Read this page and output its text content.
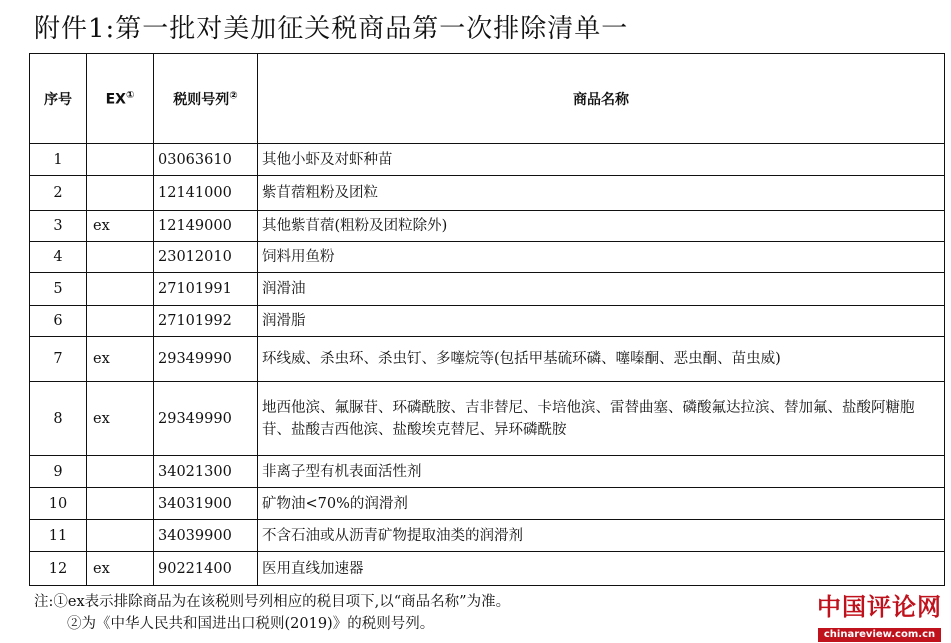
附件1:第一批对美加征关税商品第一次排除清单一
序号	EX①	税则号列②	商品名称
1		03063610	其他小虾及对虾种苗
2		12141000	紫苜蓿粗粉及团粒
3	ex	12149000	其他紫苜蓿(粗粉及团粒除外)
4		23012010	饲料用鱼粉
5		27101991	润滑油
6		27101992	润滑脂
7	ex	29349990	环线威、杀虫环、杀虫钉、多噻烷等(包括甲基硫环磷、噻嗪酮、恶虫酮、苗虫威)
8	ex	29349990	地西他滨、氟脲苷、环磷酰胺、吉非替尼、卡培他滨、雷替曲塞、磷酸氟达拉滨、替加氟、盐酸阿糖胞苷、盐酸吉西他滨、盐酸埃克替尼、异环磷酰胺
9		34021300	非离子型有机表面活性剂
10		34031900	矿物油<70%的润滑剂
11		34039900	不含石油或从沥青矿物提取油类的润滑剂
12	ex	90221400	医用直线加速器
注:①ex表示排除商品为在该税则号列相应的税目项下,以“商品名称”为准。
②为《中华人民共和国进出口税则(2019)》的税则号列。
中国评论网
chinareview.com.cn
